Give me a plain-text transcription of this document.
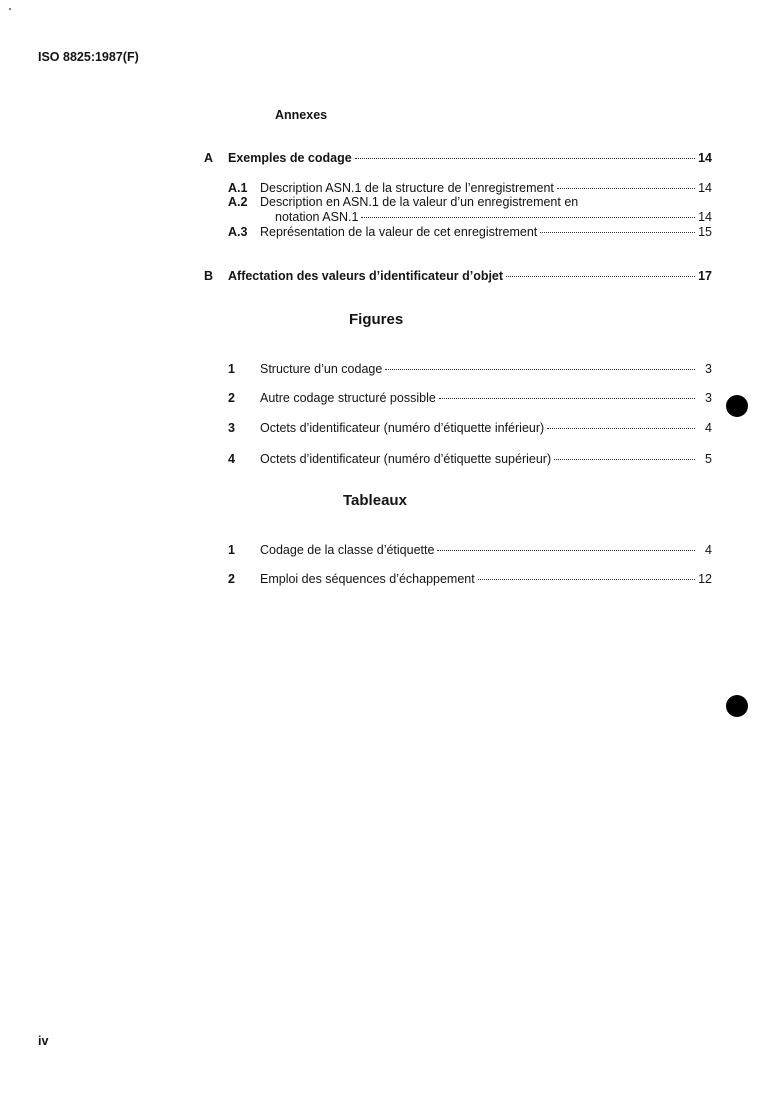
ISO 8825:1987(F)
Annexes
A Exemples de codage	14
A.1 Description ASN.1 de la structure de l’enregistrement	14
A.2 Description en ASN.1 de la valeur d’un enregistrement en
notation ASN.1	14
A.3 Représentation de la valeur de cet enregistrement	15
B Affectation des valeurs d’identificateur d’objet	17
Figures
1 Structure d’un codage	3
2 Autre codage structuré possible	3
3 Octets d’identificateur (numéro d’étiquette inférieur)	4
4 Octets d’identificateur (numéro d’étiquette supérieur)	5
Tableaux
1 Codage de la classe d’étiquette	4
2 Emploi des séquences d’échappement	12
iv
